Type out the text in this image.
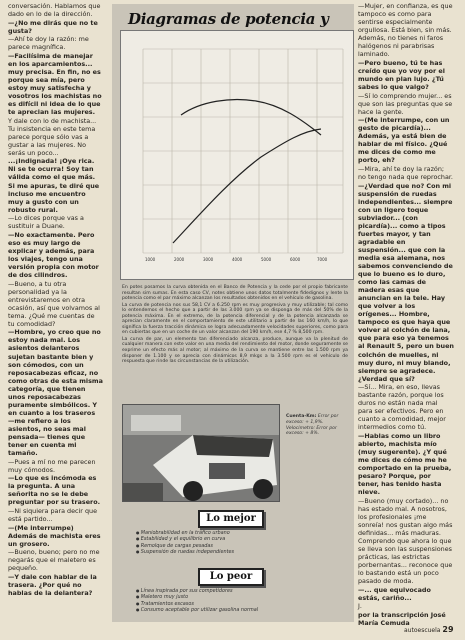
conversación. Hablamos que dado en lo de la dirección.

—¿No me dirás que no te gusta?

—Ahí te doy la razón: me parece magnífica.

—Facilísima de manejar en los aparcamientos... muy precisa. En fin, no es porque sea mía, pero estoy muy satisfecha y vosotros los machistas no es difícil ni idea de lo que te aprecian las mujeres.

Y dale con lo de machista... Tu insistencia en este tema parece porque sólo vas a gustar a las mujeres. No serás un poco...

...¡Indignada! ¡Oye rica. Ni se te ocurra! Soy tan válida como el que más. Si me apuras, te diré que incluso me encuentro muy a gusto con un robusto rural.

—Lo dices porque vas a sustituir a Duane.

—No exactamente. Pero eso es muy largo de explicar y además, para los viajes, tengo una versión propia con motor de dos cilindros.

—Bueno, a tu otra personalidad ya la entrevistaremos en otra ocasión, así que volvamos al tema. ¿Qué me cuentas de tu comodidad?

—Hombre, yo creo que no estoy nada mal. Los asientos delanteros sujetan bastante bien y son cómodos, con un reposacabezas eficaz, no como otras de esta misma categoría, que tienen unos reposacabezas puramente simbólicos. Y en cuanto a los traseros —me refiero a los asientos, no seas mal pensada— tienes que tener en cuenta mi tamaño.

—Pues a mí no me parecen muy cómodos.

—Lo que es incómoda es la pregunta. A una señorita no se le debe preguntar por su trasero.

—Ni siquiera para decir que está partido...

—(Me interrumpe) Además de machista eres un grosero.

—Bueno, bueno; pero no me negarás que el maletero es pequeño.

—Y dale con hablar de la trasera. ¿Por qué no hablas de la delantera?

Diagramas de potencia y
1000	2000	3000	4000	5000	6000	7000

En potes posamos la curva obtenida en el Banco de Potencia y la cede por el propio fabricante resultan sim sumas. En esta caso CV, notes obtiene unos datos totalmente fidedignos y lente la potencia como el par máximo alcanzan los resultados obtenidos en el vehículo de gasolina.

La curva de potencia nos sus 58,1 CV a 6.250 rpm es muy progresiva y muy utilizable; tal como lo entendemos el hecho que a partir de las 3.000 rpm ya se disponga de más del 50% de la potencia máxima. En el extremo, de la potencia diferencial y de la potencia alcanzada se aprecian claramente en el comportamiento de este utilitario a partir de las 160 km/h, lo que significa la fuerza tracción dinámica se logra adecuadamente velocidades superiores, como para en cubiertas que en un coche de un valor alcanzan del 190 km/h, ese 4,7 % 8,500 rpm.

La curva de par, un elemento tan diferenciado alcanza, produce, aunque va la plenitud de cualquier manera con este valor en una media del rendimiento del motor, donde seguramente se exprime un efecto más al motor; al máximo de la curva se mantiene entre las 1.500 rpm ya disponer de 1.100 y se aprecia con dinámicos 8,9 mkgs a la 3.500 rpm es el vehículo de respuesta que rinde las circunstancias de la utilización.

Cuenta-Km: Error por exceso: + 1,9%. Velocímetro: Error por exceso: + 8%.
Lo mejor
● Maniobrabilidad en la tráfico urbano
● Estabilidad y el equilibrio en curva
● Remolque de cargas pesadas
● Suspensión de ruedas independientes
Lo peor
● Línea inspirada por sus competidores
● Maletero muy justo
● Tratamientos escasos
● Consumo aceptable por utilizar gasolina normal

—Mujer, en confianza, es que tampoco es como para sentirse especialmente orgullosa. Está bien, sin más. Además, no tienes ni faros halógenos ni parabrisas laminado.

—Pero bueno, tú te has creído que yo voy por el mundo en plan lujo. ¿Tú sabes lo que valgo?

—Sí lo comprendo mujer... es que son las preguntas que se hace la gente.

—(Me interrumpe, con un gesto de picardía)... Además, ya está bien de hablar de mi físico. ¿Qué me dices de como me porto, eh?

—Mira, ahí te doy la razón; no tengo nada que reprochar.

—¿Verdad que no? Con mi suspensión de ruedas independientes... siempre con un ligero toque subviador... (con picardía)... como a tipos fuertes mayor, y tan agradable en suspensión... que con la media esa alemana, nos sabemos convenciendo de que lo bueno es lo duro, como las camas de madera esas que anuncian en la tele. Hay que volver a los orígenes... Hombre, tampoco es que haya que volver al colchón de lana, que para eso ya tenemos al Renault 5, pero un buen colchón de muelles, ni muy duro, ni muy blando, siempre se agradece. ¿Verdad que sí?

—Sí... Mira, en eso, llevas bastante razón, porque los duros no están nada mal para ser efectivos. Pero en cuanto a comodidad, mejor intermedios como tú.

—Hablas como un libro abierto, machista mío (muy sugerente). ¿Y qué me dices de cómo me he comportado en la prueba, pesaro? Porque, por tener, has tenido hasta nieve.

—Bueno (muy cortado)... no has estado mal. A nosotros, los profesionales ¡me sonreía! nos gustan algo más definidas... más maduras. Comprendo que ahora lo que se lleva son las suspensiones prácticas, las estrictas porbernantas... reconoce que lo bastando está un poco pasado de moda.

—... que equivocado estás, cariño...

J.

por la transcripción José María Cemuda

autoescuela 29
